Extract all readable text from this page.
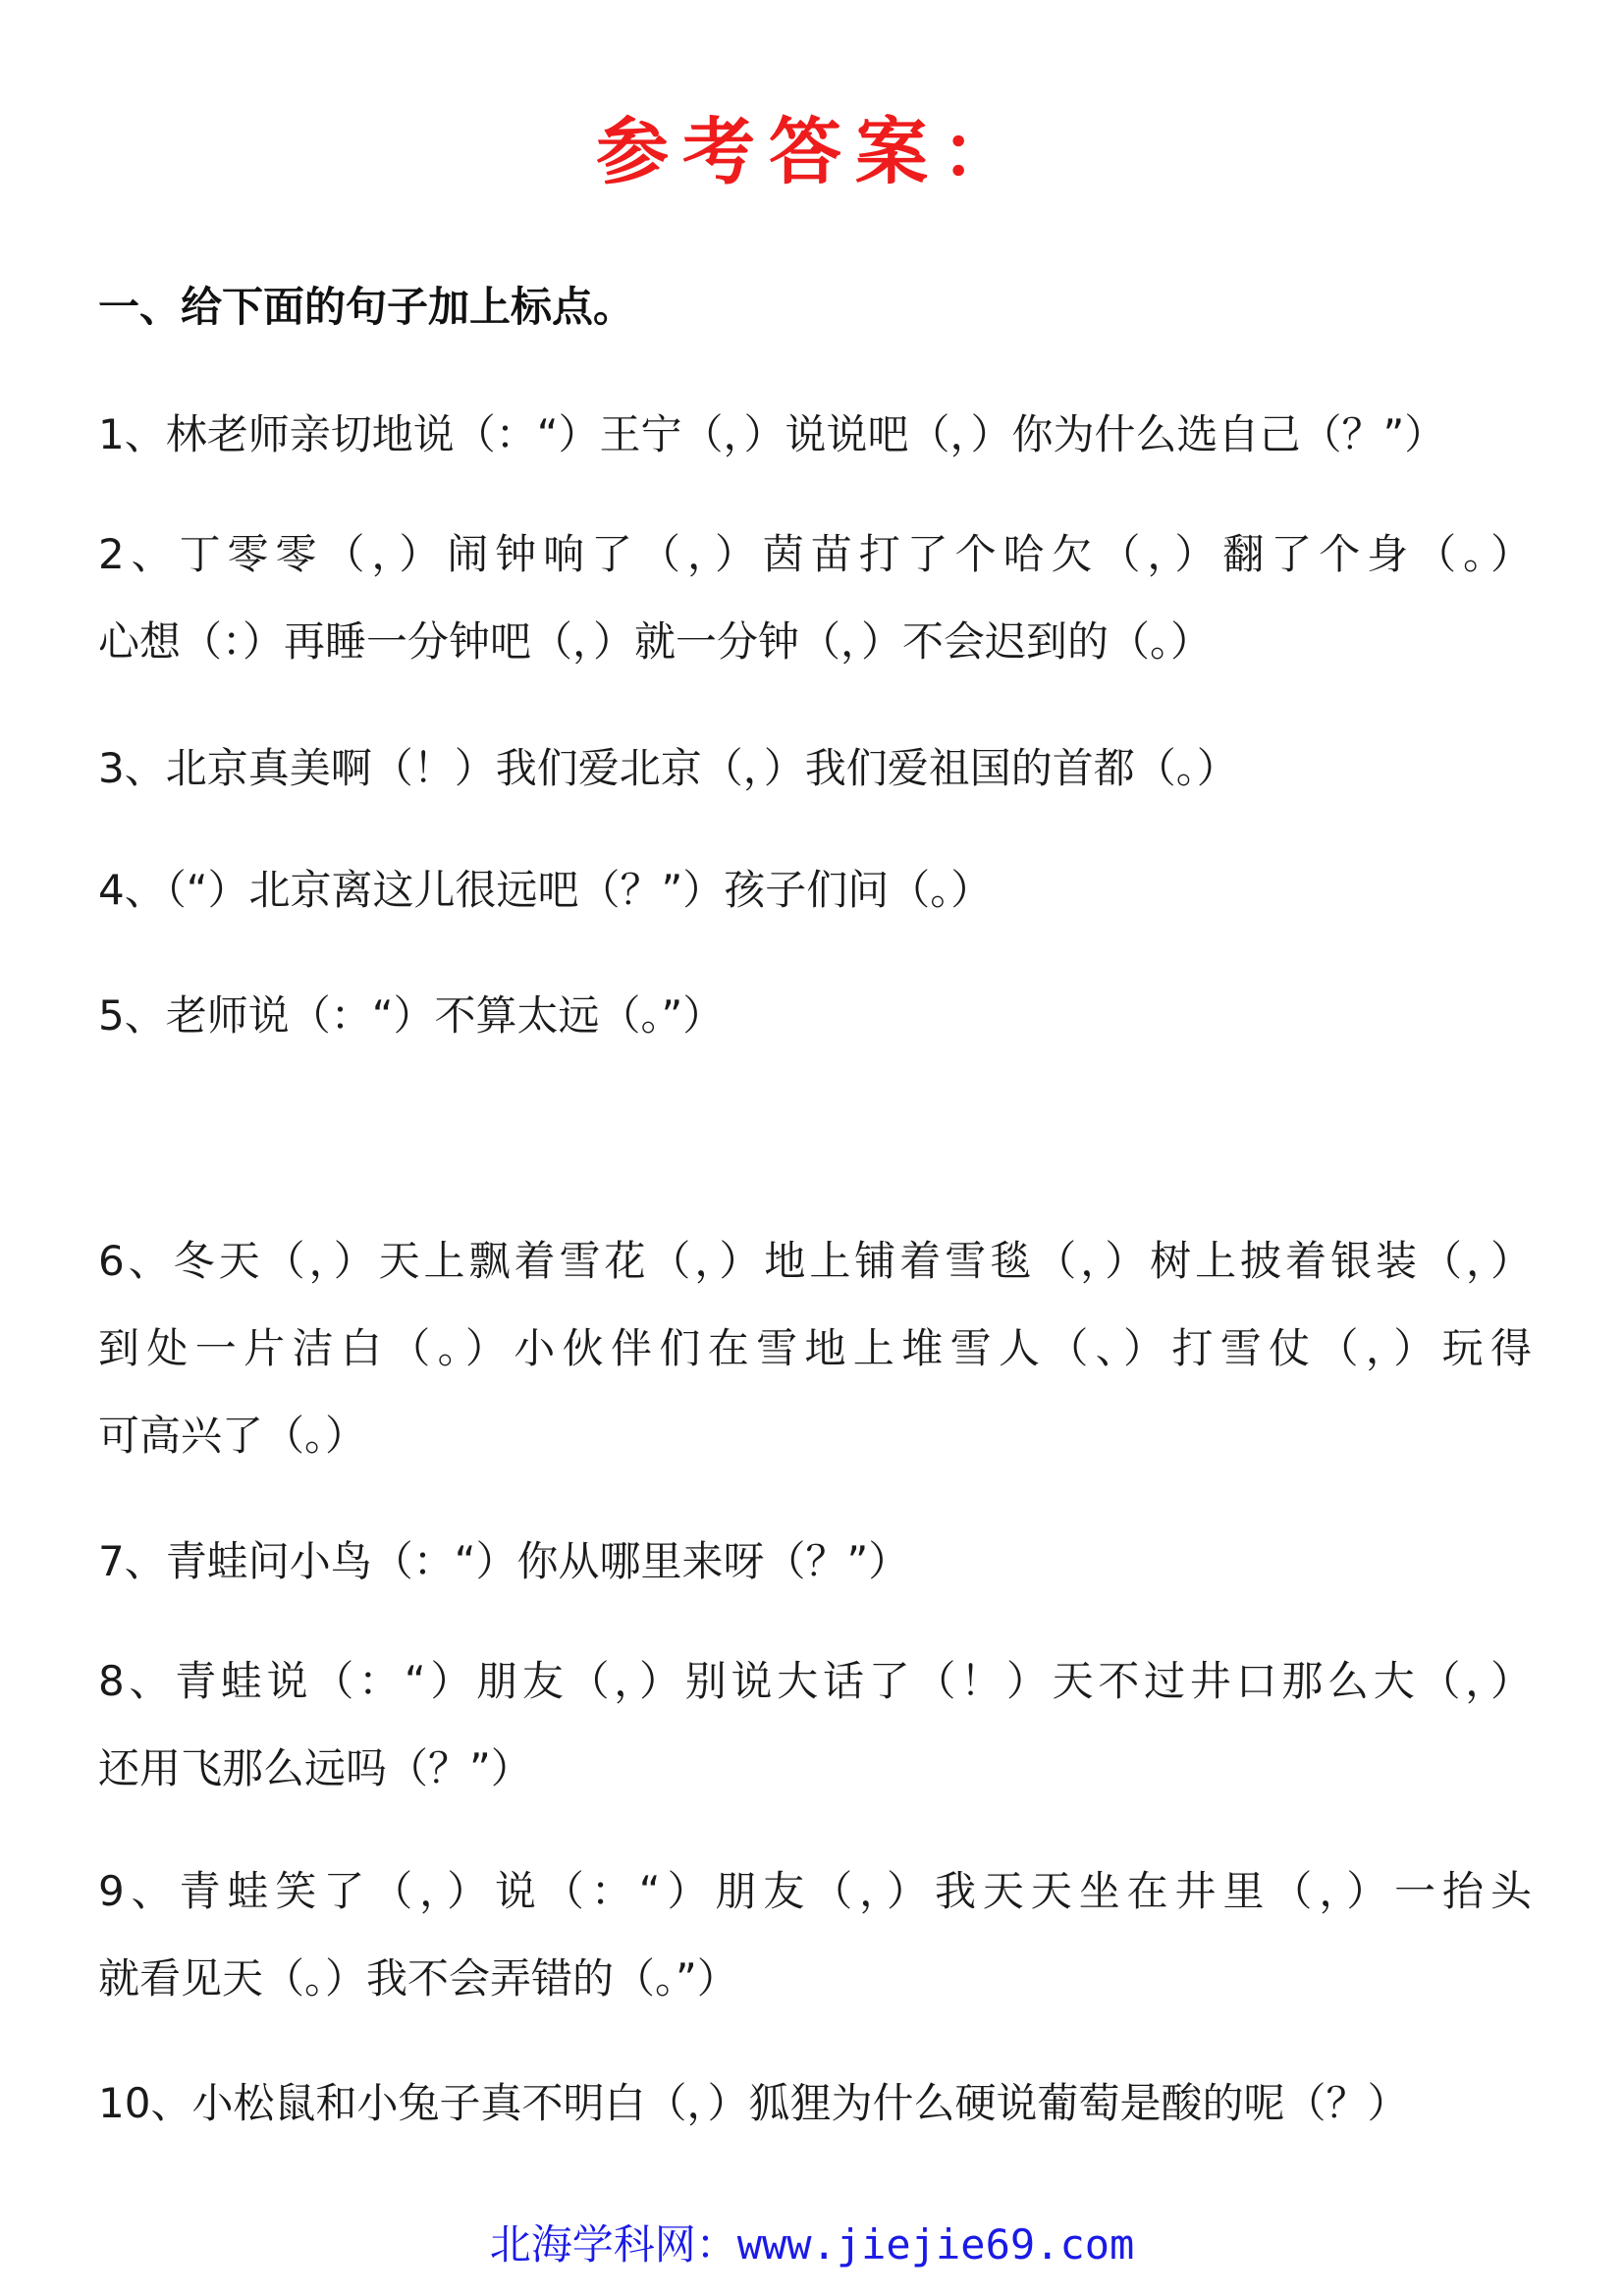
参考答案：
一、给下面的句子加上标点。
1、林老师亲切地说（：“）王宁（，）说说吧（，）你为什么选自己（？”）
2、丁零零（，）闹钟响了（，）茵苗打了个哈欠（，）翻了个身（。）
心想（：）再睡一分钟吧（，）就一分钟（，）不会迟到的（。）
3、北京真美啊（！）我们爱北京（，）我们爱祖国的首都（。）
4、（“）北京离这儿很远吧（？”）孩子们问（。）
5、老师说（：“）不算太远（。”）
6、冬天（，）天上飘着雪花（，）地上铺着雪毯（，）树上披着银装（，）
到处一片洁白（。）小伙伴们在雪地上堆雪人（、）打雪仗（，）玩得
可高兴了（。）
7、青蛙问小鸟（：“）你从哪里来呀（？”）
8、青蛙说（：“）朋友（，）别说大话了（！）天不过井口那么大（，）
还用飞那么远吗（？”）
9、青蛙笑了（，）说（：“）朋友（，）我天天坐在井里（，）一抬头
就看见天（。）我不会弄错的（。”）
10、小松鼠和小兔子真不明白（，）狐狸为什么硬说葡萄是酸的呢（？）
北海学科网：www.jiejie69.com
